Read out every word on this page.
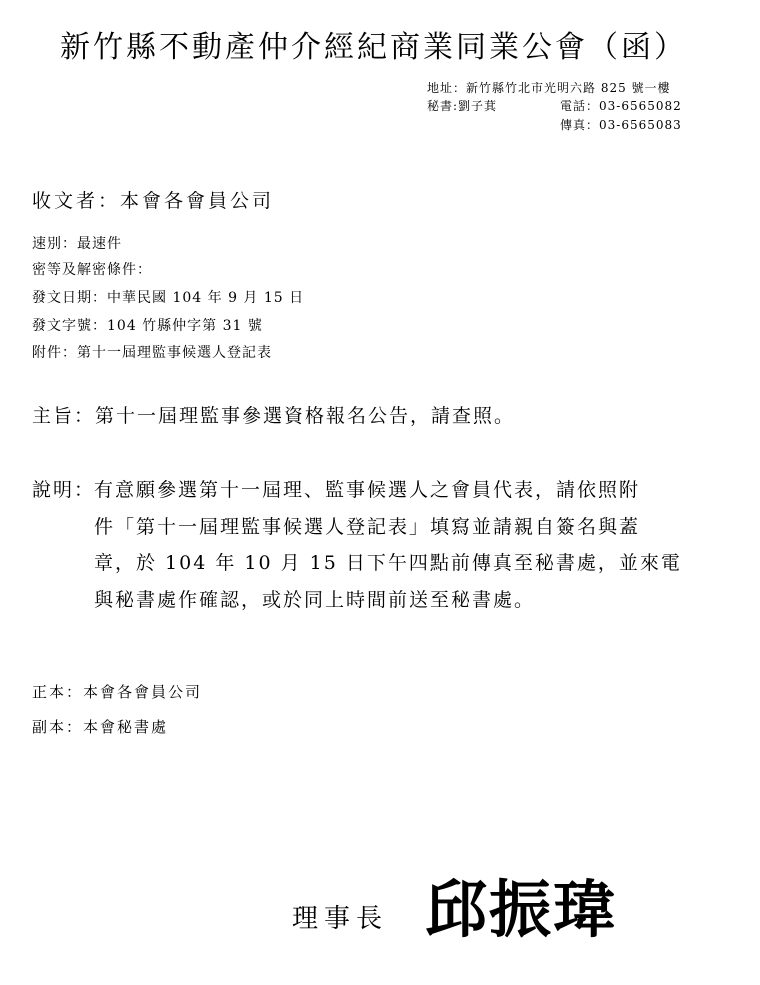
新竹縣不動產仲介經紀商業同業公會（函）
地址：新竹縣竹北市光明六路 825 號一樓
秘書:劉子萁	電話：03-6565082
傳真：03-6565083
收文者：本會各會員公司
速別：最速件
密等及解密條件：
發文日期：中華民國 104 年 9 月 15 日
發文字號：104 竹縣仲字第 31 號
附件：第十一屆理監事候選人登記表
主旨：第十一屆理監事參選資格報名公告，請查照。
說明：
有意願參選第十一屆理、監事候選人之會員代表，請依照附
件「第十一屆理監事候選人登記表」填寫並請親自簽名與蓋
章，於 104 年 10 月 15 日下午四點前傳真至秘書處，並來電
與秘書處作確認，或於同上時間前送至秘書處。
正本：本會各會員公司
副本：本會秘書處
理事長 邱振瑋
